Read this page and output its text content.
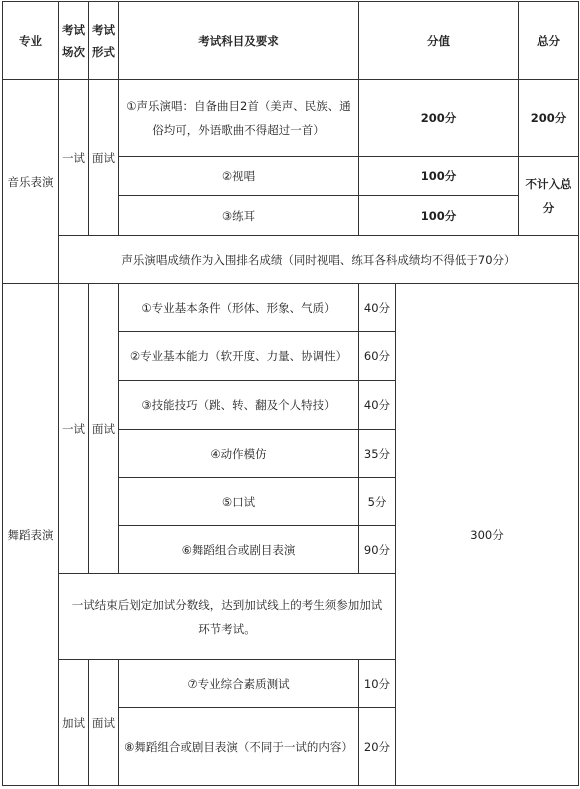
专业	考试场次	考试形式	考试科目及要求	分值		总分
音乐表演	一试	面试	①声乐演唱：自备曲目2首（美声、民族、通俗均可，外语歌曲不得超过一首）	200分		200分
			②视唱	100分		不计入总分
			③练耳	100分		
	声乐演唱成绩作为入围排名成绩（同时视唱、练耳各科成绩均不得低于70分）					
舞蹈表演	一试	面试	①专业基本条件（形体、形象、气质）	40分	300分	
			②专业基本能力（软开度、力量、协调性）	60分		
			③技能技巧（跳、转、翻及个人特技）	40分		
			④动作模仿	35分		
			⑤口试	5分		
			⑥舞蹈组合或剧目表演	90分		
	一试结束后划定加试分数线，达到加试线上的考生须参加加试环节考试。					
	加试	面试	⑦专业综合素质测试	10分		
			⑧舞蹈组合或剧目表演（不同于一试的内容）	20分		
